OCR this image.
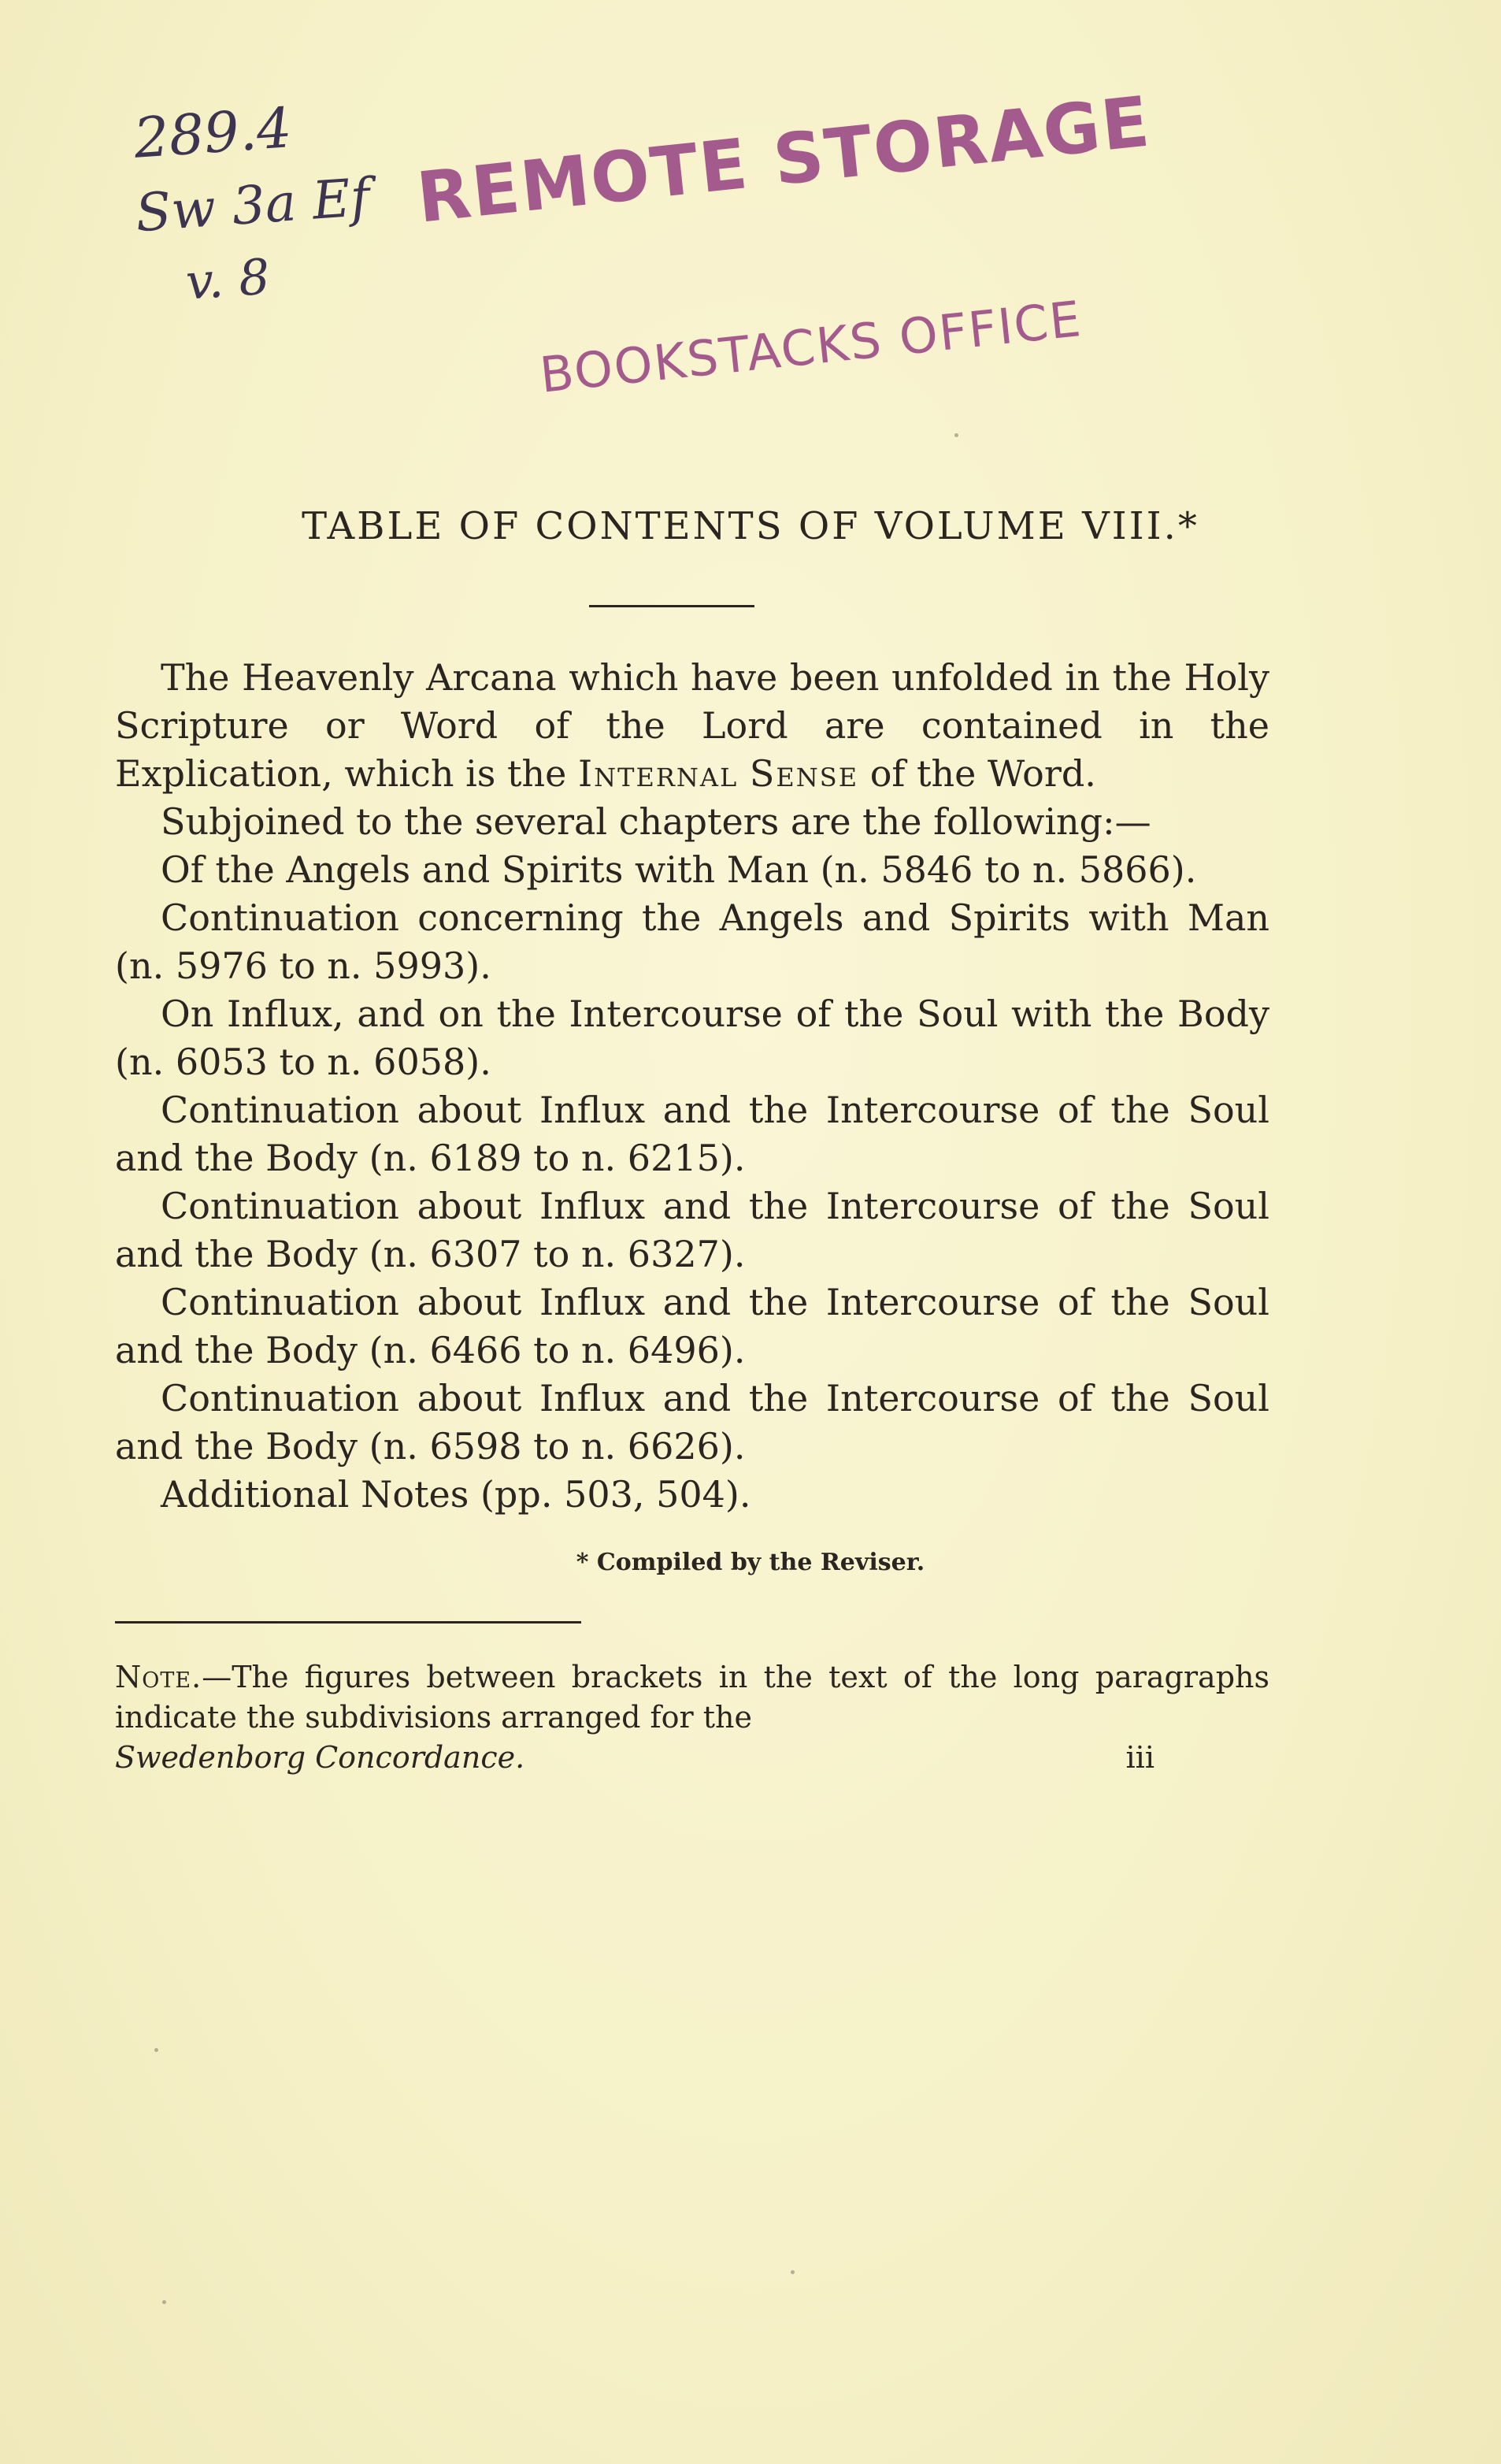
289.4
Sw 3a Ef
v. 8
REMOTE STORAGE
BOOKSTACKS OFFICE
TABLE OF CONTENTS OF VOLUME VIII.*

The Heavenly Arcana which have been unfolded in the Holy Scripture or Word of the Lord are contained in the Explication, which is the Internal Sense of the Word.

Subjoined to the several chapters are the following:—

Of the Angels and Spirits with Man (n. 5846 to n. 5866).

Continuation concerning the Angels and Spirits with Man (n. 5976 to n. 5993).

On Influx, and on the Intercourse of the Soul with the Body (n. 6053 to n. 6058).

Continuation about Influx and the Intercourse of the Soul and the Body (n. 6189 to n. 6215).

Continuation about Influx and the Intercourse of the Soul and the Body (n. 6307 to n. 6327).

Continuation about Influx and the Intercourse of the Soul and the Body (n. 6466 to n. 6496).

Continuation about Influx and the Intercourse of the Soul and the Body (n. 6598 to n. 6626).

Additional Notes (pp. 503, 504).

* Compiled by the Reviser.
Note.—The figures between brackets in the text of the long paragraphs indicate the subdivisions arranged for the
Swedenborg Concordance.	iii
